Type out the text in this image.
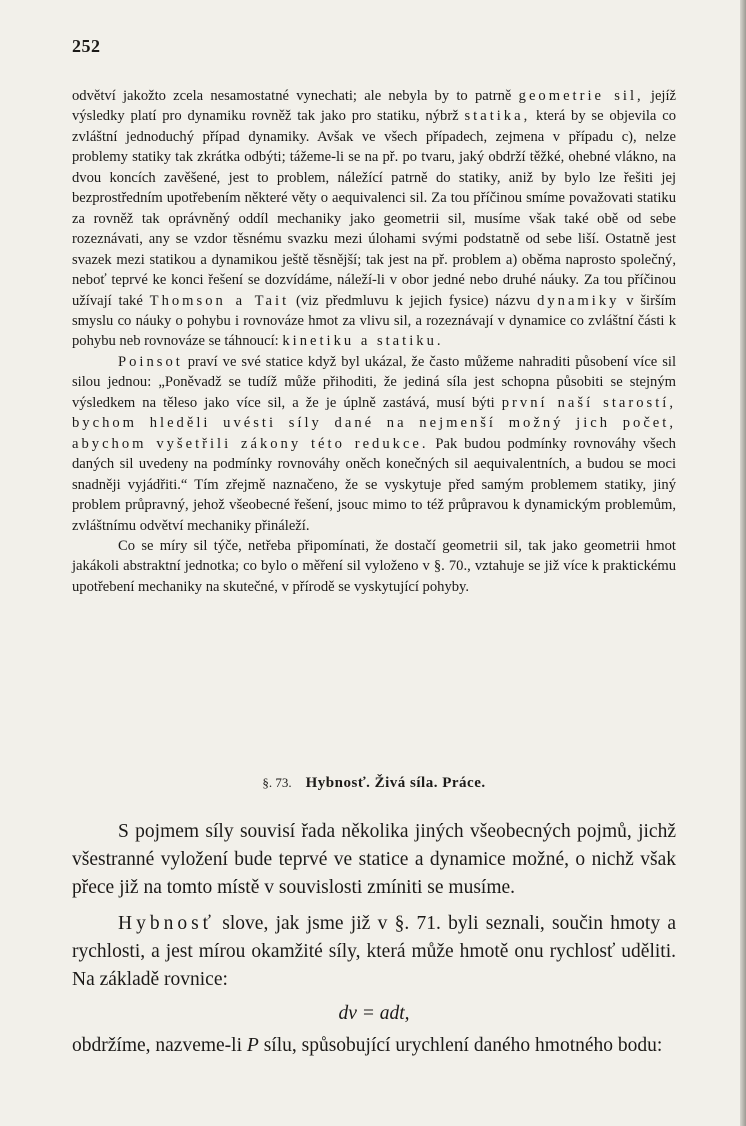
252

odvětví jakožto zcela nesamostatné vynechati; ale nebyla by to patrně geometrie sil, jejíž výsledky platí pro dynamiku rovněž tak jako pro statiku, nýbrž statika, která by se objevila co zvláštní jednoduchý případ dynamiky. Avšak ve všech případech, zejmena v případu c), nelze problemy statiky tak zkrátka odbýti; tážeme-li se na př. po tvaru, jaký obdrží těžké, ohebné vlákno, na dvou koncích zavěšené, jest to problem, náležící patrně do statiky, aniž by bylo lze řešiti jej bezprostředním upotřebením některé věty o aequivalenci sil. Za tou příčinou smíme považovati statiku za rovněž tak oprávněný oddíl mechaniky jako geometrii sil, musíme však také obě od sebe rozeznávati, any se vzdor těsnému svazku mezi úlohami svými podstatně od sebe liší. Ostatně jest svazek mezi statikou a dynamikou ještě těsnější; tak jest na př. problem a) oběma naprosto společný, neboť teprvé ke konci řešení se dozvídáme, náleží-li v obor jedné nebo druhé náuky. Za tou příčinou užívají také Thomson a Tait (viz předmluvu k jejich fysice) názvu dynamiky v širším smyslu co náuky o pohybu i rovnováze hmot za vlivu sil, a rozeznávají v dynamice co zvláštní části k pohybu neb rovnováze se táhnoucí: kinetiku a statiku.

Poinsot praví ve své statice když byl ukázal, že často můžeme nahraditi působení více sil silou jednou: „Poněvadž se tudíž může přihoditi, že jediná síla jest schopna působiti se stejným výsledkem na těleso jako více sil, a že je úplně zastává, musí býti první naší starostí, bychom hleděli uvésti síly dané na nejmenší možný jich počet, abychom vyšetřili zákony této redukce. Pak budou podmínky rovnováhy všech daných sil uvedeny na podmínky rovnováhy oněch konečných sil aequivalentních, a budou se moci snadněji vyjádřiti.“ Tím zřejmě naznačeno, že se vyskytuje před samým problemem statiky, jiný problem průpravný, jehož všeobecné řešení, jsouc mimo to též průpravou k dynamickým problemům, zvláštnímu odvětví mechaniky přináleží.

Co se míry sil týče, netřeba připomínati, že dostačí geometrii sil, tak jako geometrii hmot jakákoli abstraktní jednotka; co bylo o měření sil vyloženo v §. 70., vztahuje se již více k praktickému upotřebení mechaniky na skutečné, v přírodě se vyskytující pohyby.

§. 73. Hybnosť. Živá síla. Práce.

S pojmem síly souvisí řada několika jiných všeobecných pojmů, jichž všestranné vyložení bude teprvé ve statice a dynamice možné, o nichž však přece již na tomto místě v souvislosti zmíniti se musíme.

Hybnosť slove, jak jsme již v §. 71. byli seznali, součin hmoty a rychlosti, a jest mírou okamžité síly, která může hmotě onu rychlosť uděliti. Na základě rovnice:

dv = adt,

obdržíme, nazveme-li P sílu, spůsobující urychlení daného hmotného bodu:
